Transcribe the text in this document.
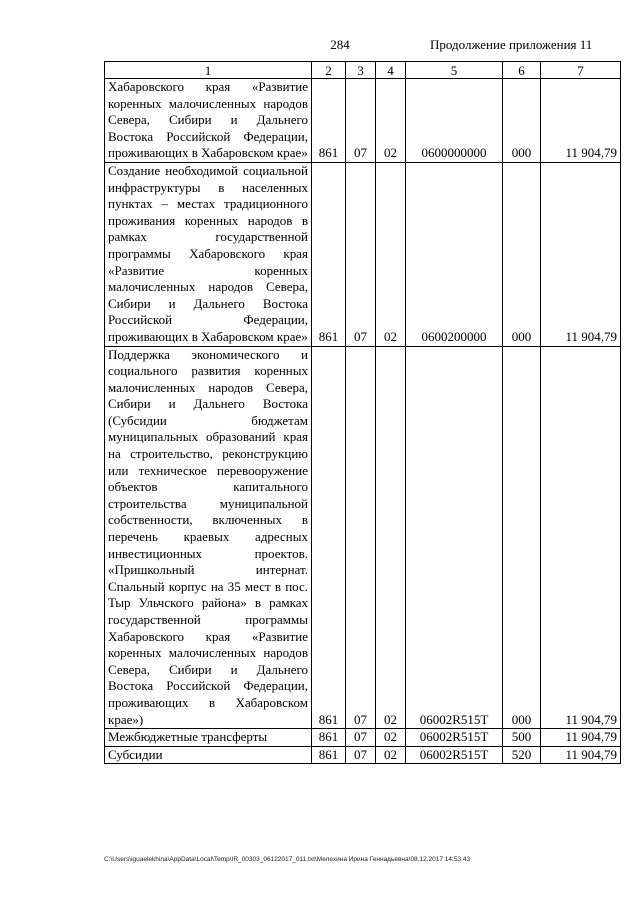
284	Продолжение приложения 11
1	2	3	4	5	6	7
Хабаровского края «Развитие коренных малочисленных народов Севера, Сибири и Дальнего Востока Российской Федерации, проживающих в Хабаровском крае»	861	07	02	0600000000	000	11 904,79
Создание необходимой социальной инфраструктуры в населенных пунктах – местах традиционного проживания коренных народов в рамках государственной программы Хабаровского края «Развитие коренных малочисленных народов Севера, Сибири и Дальнего Востока Российской Федерации, проживающих в Хабаровском крае»	861	07	02	0600200000	000	11 904,79
Поддержка экономического и социального развития коренных малочисленных народов Севера, Сибири и Дальнего Востока (Субсидии бюджетам муниципальных образований края на строительство, реконструкцию или техническое перевооружение объектов капитального строительства муниципальной собственности, включенных в перечень краевых адресных инвестиционных проектов. «Пришкольный интернат. Спальный корпус на 35 мест в пос. Тыр Ульчского района» в рамках государственной программы Хабаровского края «Развитие коренных малочисленных народов Севера, Сибири и Дальнего Востока Российской Федерации, проживающих в Хабаровском крае»)	861	07	02	06002R515T	000	11 904,79
Межбюджетные трансферты	861	07	02	06002R515T	500	11 904,79
Субсидии	861	07	02	06002R515T	520	11 904,79
C:\Users\iguaelekhina\AppData\Local\Temp\IR_00303_06122017_011.txt\Мелехина Ирина Геннадьевна\08.12.2017 14:53:43
